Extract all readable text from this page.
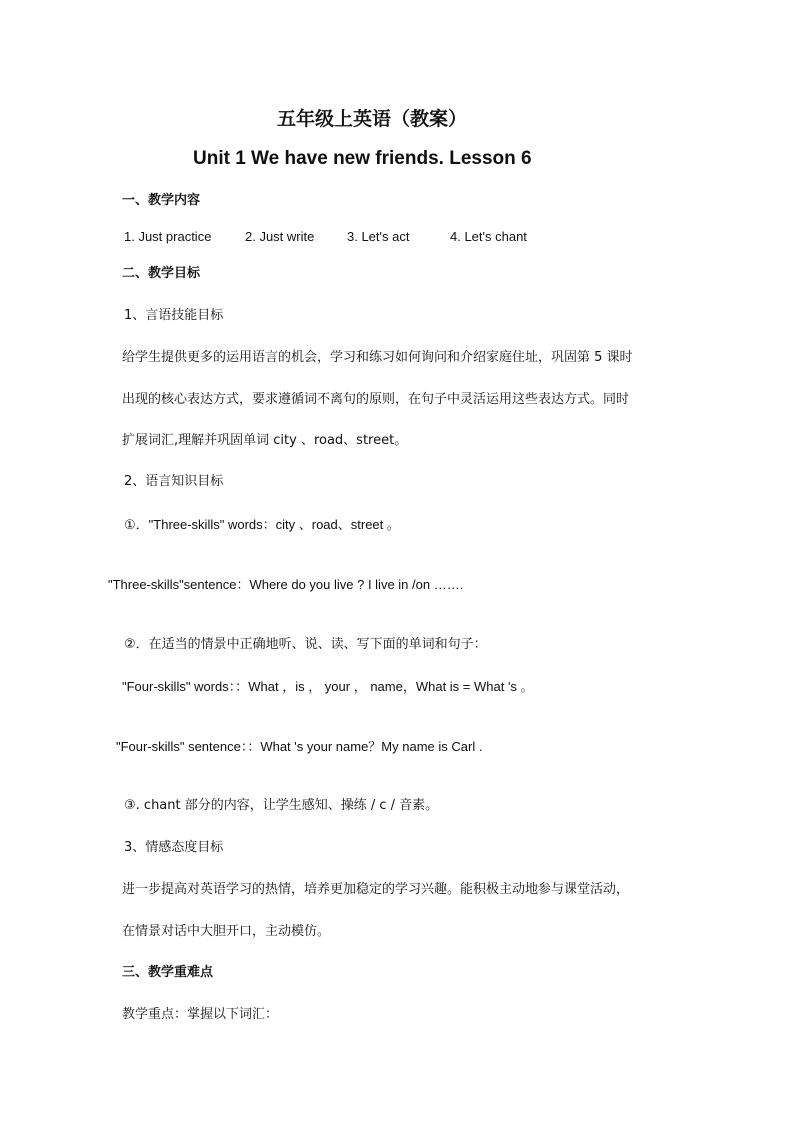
五年级上英语（教案）
Unit 1 We have new friends. Lesson 6
一、教学内容
1. Just practice	2. Just write	3. Let's act	4. Let's chant
二、教学目标
1、言语技能目标
给学生提供更多的运用语言的机会，学习和练习如何询问和介绍家庭住址，巩固第 5 课时
出现的核心表达方式，要求遵循词不离句的原则，在句子中灵活运用这些表达方式。同时
扩展词汇,理解并巩固单词 city 、road、street。
2、语言知识目标
①．"Three-skills" words：city 、road、street 。
"Three-skills"sentence：Where do you live ? I live in /on …….
②．在适当的情景中正确地听、说、读、写下面的单词和句子：
"Four-skills" words：：What ，is ， your ， name，What is = What 's 。
"Four-skills" sentence：：What 's your name？My name is Carl .
③. chant 部分的内容，让学生感知、操练 / c / 音素。
3、情感态度目标
进一步提高对英语学习的热情，培养更加稳定的学习兴趣。能积极主动地参与课堂活动，
在情景对话中大胆开口，主动模仿。
三、教学重难点
教学重点：掌握以下词汇：
